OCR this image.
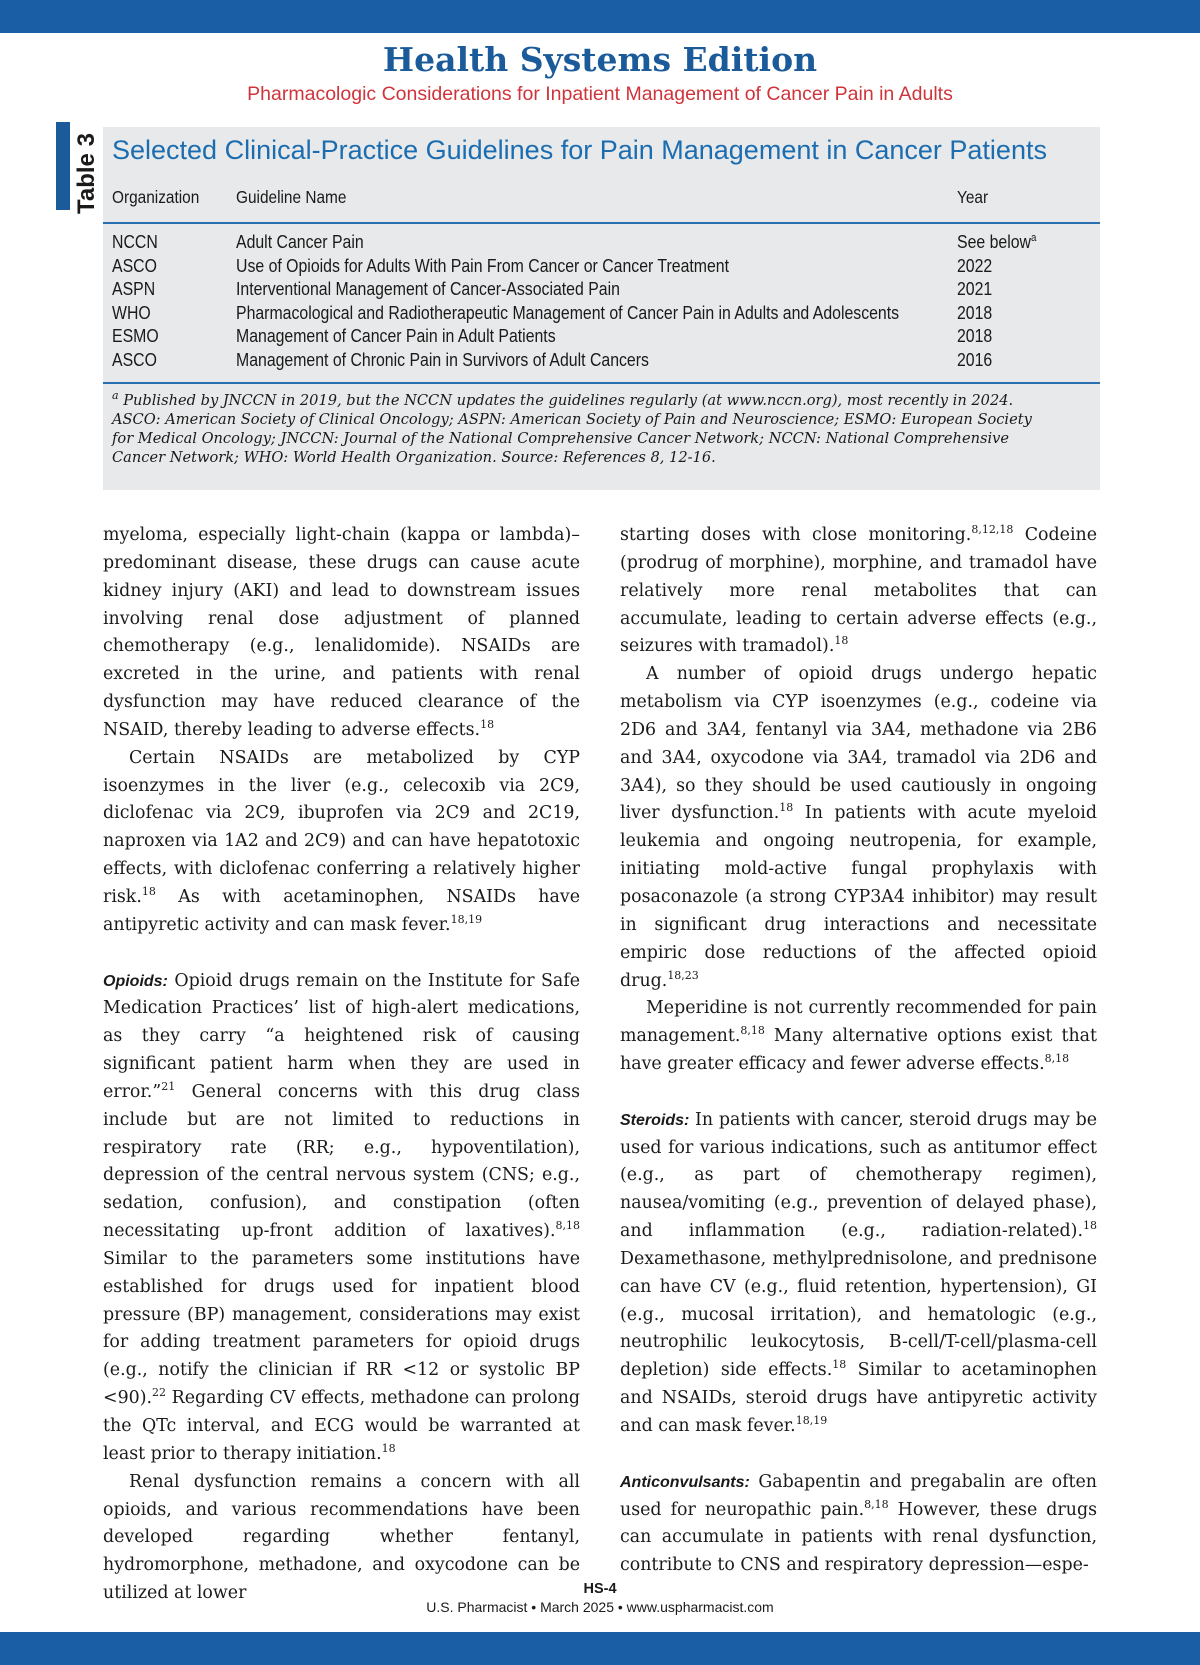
Health Systems Edition
Pharmacologic Considerations for Inpatient Management of Cancer Pain in Adults
Table 3 Selected Clinical-Practice Guidelines for Pain Management in Cancer Patients
Organization Guideline Name	Year
NCCN	Adult Cancer Pain	See below$^a$
ASCO	Use of Opioids for Adults With Pain From Cancer or Cancer Treatment	2022
ASPN	Interventional Management of Cancer-Associated Pain	2021
WHO	Pharmacological and Radiotherapeutic Management of Cancer Pain in Adults and Adolescents	2018
ESMO	Management of Cancer Pain in Adult Patients	2018
ASCO	Management of Chronic Pain in Survivors of Adult Cancers	2016

$^a$ Published by JNCCN in 2019, but the NCCN updates the guidelines regularly (at www.nccn.org), most recently in 2024.

ASCO: American Society of Clinical Oncology; ASPN: American Society of Pain and Neuroscience; ESMO: European Society

for Medical Oncology; JNCCN: Journal of the National Comprehensive Cancer Network; NCCN: National Comprehensive

Cancer Network; WHO: World Health Organization. Source: References 8, 12-16.

myeloma, especially light-chain (kappa or lambda)–predominant disease, these drugs can cause acute kidney injury (AKI) and lead to downstream issues involving renal dose adjustment of planned chemotherapy (e.g., lenalidomide). NSAIDs are excreted in the urine, and patients with renal dysfunction may have reduced clearance of the NSAID, thereby leading to adverse effects.$^{18}$

Certain NSAIDs are metabolized by CYP isoenzymes in the liver (e.g., celecoxib via 2C9, diclofenac via 2C9, ibuprofen via 2C9 and 2C19, naproxen via 1A2 and 2C9) and can have hepatotoxic effects, with diclofenac conferring a relatively higher risk.$^{18}$ As with acetaminophen, NSAIDs have antipyretic activity and can mask fever.$^{18,19}$

Opioids: Opioid drugs remain on the Institute for Safe Medication Practices’ list of high-alert medications, as they carry “a heightened risk of causing significant patient harm when they are used in error.”$^{21}$ General concerns with this drug class include but are not limited to reductions in respiratory rate (RR; e.g., hypoventilation), depression of the central nervous system (CNS; e.g., sedation, confusion), and constipation (often necessitating up-front addition of laxatives).$^{8,18}$ Similar to the parameters some institutions have established for drugs used for inpatient blood pressure (BP) management, considerations may exist for adding treatment parameters for opioid drugs (e.g., notify the clinician if RR <12 or systolic BP <90).$^{22}$ Regarding CV effects, methadone can prolong the QTc interval, and ECG would be warranted at least prior to therapy initiation.$^{18}$

Renal dysfunction remains a concern with all opioids, and various recommendations have been developed regarding whether fentanyl, hydromorphone, methadone, and oxycodone can be utilized at lower

starting doses with close monitoring.$^{8,12,18}$ Codeine (prodrug of morphine), morphine, and tramadol have relatively more renal metabolites that can accumulate, leading to certain adverse effects (e.g., seizures with tramadol).$^{18}$

A number of opioid drugs undergo hepatic metabolism via CYP isoenzymes (e.g., codeine via 2D6 and 3A4, fentanyl via 3A4, methadone via 2B6 and 3A4, oxycodone via 3A4, tramadol via 2D6 and 3A4), so they should be used cautiously in ongoing liver dysfunction.$^{18}$ In patients with acute myeloid leukemia and ongoing neutropenia, for example, initiating mold-active fungal prophylaxis with posaconazole (a strong CYP3A4 inhibitor) may result in significant drug interactions and necessitate empiric dose reductions of the affected opioid drug.$^{18,23}$

Meperidine is not currently recommended for pain management.$^{8,18}$ Many alternative options exist that have greater efficacy and fewer adverse effects.$^{8,18}$

Steroids: In patients with cancer, steroid drugs may be used for various indications, such as antitumor effect (e.g., as part of chemotherapy regimen), nausea/vomiting (e.g., prevention of delayed phase), and inflammation (e.g., radiation-related).$^{18}$ Dexamethasone, methylprednisolone, and prednisone can have CV (e.g., fluid retention, hypertension), GI (e.g., mucosal irritation), and hematologic (e.g., neutrophilic leukocytosis, B-cell/T-cell/plasma-cell depletion) side effects.$^{18}$ Similar to acetaminophen and NSAIDs, steroid drugs have antipyretic activity and can mask fever.$^{18,19}$

Anticonvulsants: Gabapentin and pregabalin are often used for neuropathic pain.$^{8,18}$ However, these drugs can accumulate in patients with renal dysfunction, contribute to CNS and respiratory depression—espe-

HS-4
U.S. Pharmacist • March 2025 • www.uspharmacist.com
